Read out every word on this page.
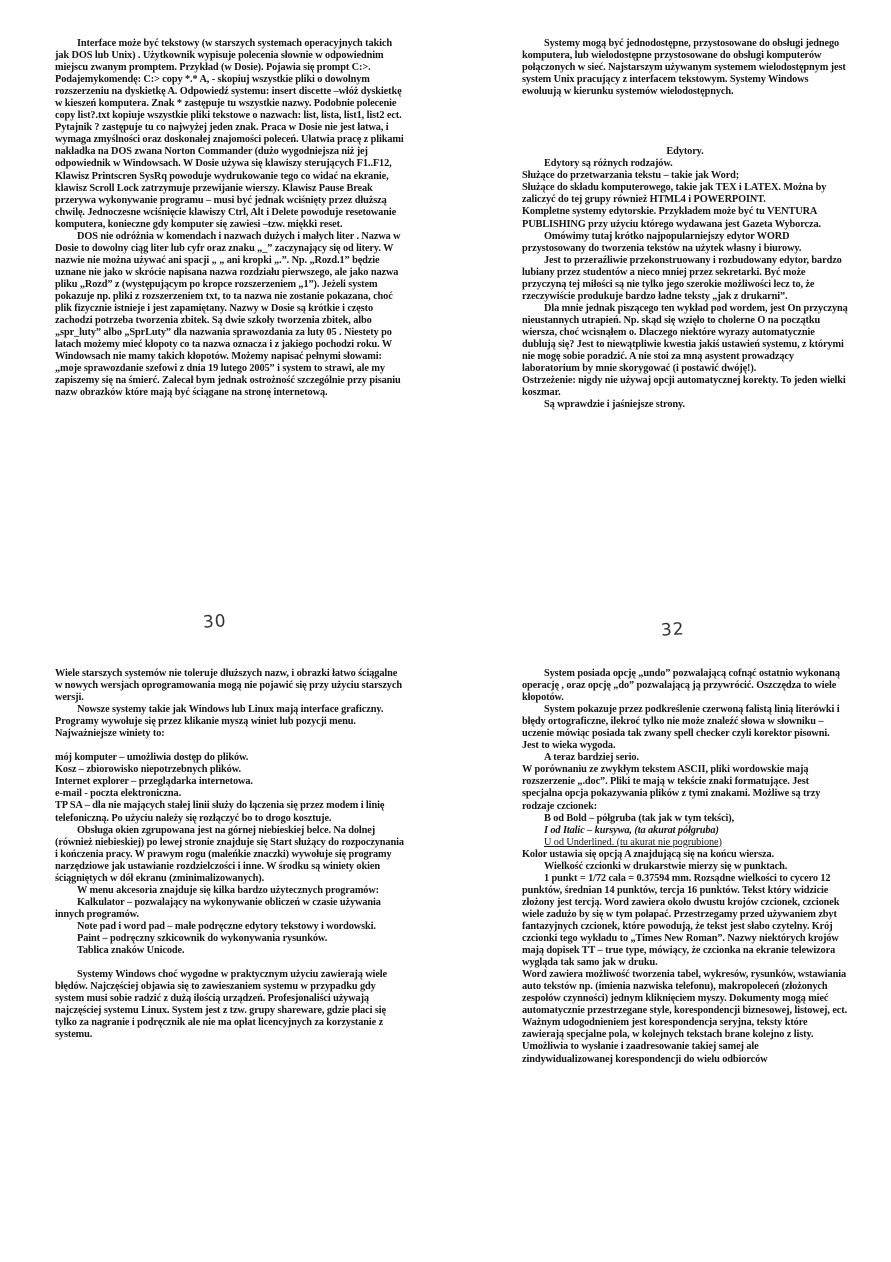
Interface może być tekstowy (w starszych systemach operacyjnych takich jak DOS lub Unix) . Użytkownik wypisuje polecenia słownie w odpowiednim miejscu zwanym promptem. Przykład (w Dosie). Pojawia się prompt C:>. Podajemykomendę: C:> copy *.* A, - skopiuj wszystkie pliki o dowolnym rozszerzeniu na dyskietkę A. Odpowiedź systemu: insert discette –włóż dyskietkę w kieszeń komputera. Znak * zastępuje tu wszystkie nazwy. Podobnie polecenie copy list?.txt kopiuje wszystkie pliki tekstowe o nazwach: list, lista, list1, list2 ect. Pytajnik ? zastępuje tu co najwyżej jeden znak. Praca w Dosie nie jest łatwa, i wymaga zmyślności oraz doskonałej znajomości poleceń. Ułatwia pracę z plikami nakładka na DOS zwana Norton Commander (dużo wygodniejsza niż jej odpowiednik w Windowsach. W Dosie używa się klawiszy sterujących F1..F12, Klawisz Printscren SysRq powoduje wydrukowanie tego co widać na ekranie, klawisz Scroll Lock zatrzymuje przewijanie wierszy. Klawisz Pause Break przerywa wykonywanie programu – musi być jednak wciśnięty przez dłuższą chwilę. Jednoczesne wciśnięcie klawiszy Ctrl, Alt i Delete powoduje resetowanie komputera, konieczne gdy komputer się zawiesi –tzw. miękki reset.

DOS nie odróżnia w komendach i nazwach dużych i małych liter . Nazwa w Dosie to dowolny ciąg liter lub cyfr oraz znaku „_” zaczynający się od litery. W nazwie nie można używać ani spacji „ „ ani kropki „.”. Np. „Rozd.1” będzie uznane nie jako w skrócie napisana nazwa rozdziału pierwszego, ale jako nazwa pliku „Rozd” z (występującym po kropce rozszerzeniem „1”). Jeżeli system pokazuje np. pliki z rozszerzeniem txt, to ta nazwa nie zostanie pokazana, choć plik fizycznie istnieje i jest zapamiętany. Nazwy w Dosie są krótkie i często zachodzi potrzeba tworzenia zbitek. Są dwie szkoły tworzenia zbitek, albo „spr_luty” albo „SprLuty” dla nazwania sprawozdania za luty 05 . Niestety po latach możemy mieć kłopoty co ta nazwa oznacza i z jakiego pochodzi roku. W Windowsach nie mamy takich kłopotów. Możemy napisać pełnymi słowami: „moje sprawozdanie szefowi z dnia 19 lutego 2005” i system to strawi, ale my zapiszemy się na śmierć. Zalecał bym jednak ostrożność szczególnie przy pisaniu nazw obrazków które mają być ściągane na stronę internetową.

Systemy mogą być jednodostępne, przystosowane do obsługi jednego komputera, lub wielodostępne przystosowane do obsługi komputerów połączonych w sieć. Najstarszym używanym systemem wielodostępnym jest system Unix pracujący z interfacem tekstowym. Systemy Windows ewoluują w kierunku systemów wielodostępnych.

Edytory.

Edytory są różnych rodzajów.

Służące do przetwarzania tekstu – takie jak Word;

Służące do składu komputerowego, takie jak TEX i LATEX. Można by zaliczyć do tej grupy również HTML4 i POWERPOINT.

Kompletne systemy edytorskie. Przykładem może być tu VENTURA PUBLISHING przy użyciu którego wydawana jest Gazeta Wyborcza.

Omówimy tutaj krótko najpopularniejszy edytor WORD przystosowany do tworzenia tekstów na użytek własny i biurowy.

Jest to przeraźliwie przekonstruowany i rozbudowany edytor, bardzo lubiany przez studentów a nieco mniej przez sekretarki. Być może przyczyną tej miłości są nie tylko jego szerokie możliwości lecz to, że rzeczywiście produkuje bardzo ładne teksty „jak z drukarni”.

Dla mnie jednak piszącego ten wykład pod wordem, jest On przyczyną nieustannych utrapień. Np. skąd się wzięło to cholerne O na początku wiersza, choć wcisnąłem o. Dlaczego niektóre wyrazy automatycznie dublują się? Jest to niewątpliwie kwestia jakiś ustawień systemu, z którymi nie mogę sobie poradzić. A nie stoi za mną asystent prowadzący laboratorium by mnie skorygować (i postawić dwóję!).

Ostrzeżenie: nigdy nie używaj opcji automatycznej korekty. To jeden wielki koszmar.

Są wprawdzie i jaśniejsze strony.

30	32

Wiele starszych systemów nie toleruje dłuższych nazw, i obrazki łatwo ściągalne w nowych wersjach oprogramowania mogą nie pojawić się przy użyciu starszych wersji.

Nowsze systemy takie jak Windows lub Linux mają interface graficzny. Programy wywołuje się przez klikanie myszą winiet lub pozycji menu. Najważniejsze winiety to:

mój komputer – umożliwia dostęp do plików.

Kosz – zbiorowisko niepotrzebnych plików.

Internet explorer – przeglądarka internetowa.

e-mail - poczta elektroniczna.

TP SA – dla nie mających stałej linii służy do łączenia się przez modem i linię telefoniczną. Po użyciu należy się rozłączyć bo to drogo kosztuje.

Obsługa okien zgrupowana jest na górnej niebieskiej belce. Na dolnej (również niebieskiej) po lewej stronie znajduje się Start służący do rozpoczynania i kończenia pracy. W prawym rogu (maleńkie znaczki) wywołuje się programy narzędziowe jak ustawianie rozdzielczości i inne. W środku są winiety okien ściągniętych w dół ekranu (zminimalizowanych).

W menu akcesoria znajduje się kilka bardzo użytecznych programów:

Kalkulator – pozwalający na wykonywanie obliczeń w czasie używania innych programów.

Note pad i word pad – małe podręczne edytory tekstowy i wordowski.

Paint – podręczny szkicownik do wykonywania rysunków.

Tablica znaków Unicode.

Systemy Windows choć wygodne w praktycznym użyciu zawierają wiele błędów. Najczęściej objawia się to zawieszaniem systemu w przypadku gdy system musi sobie radzić z dużą ilością urządzeń. Profesjonaliści używają najczęściej systemu Linux. System jest z tzw. grupy shareware, gdzie płaci się tylko za nagranie i podręcznik ale nie ma opłat licencyjnych za korzystanie z systemu.

System posiada opcję „undo” pozwalającą cofnąć ostatnio wykonaną operację , oraz opcję „do” pozwalającą ją przywrócić. Oszczędza to wiele kłopotów.

System pokazuje przez podkreślenie czerwoną falistą linią literówki i błędy ortograficzne, ilekroć tylko nie może znaleźć słowa w słowniku – uczenie mówiąc posiada tak zwany spell checker czyli korektor pisowni. Jest to wieka wygoda.

A teraz bardziej serio.

W porównaniu ze zwykłym tekstem ASCII, pliki wordowskie mają rozszerzenie „.doc”. Pliki te mają w tekście znaki formatujące. Jest specjalna opcja pokazywania plików z tymi znakami. Możliwe są trzy rodzaje czcionek:

B od Bold – półgruba (tak jak w tym tekści),

I od Italic – kursywa, (ta akurat półgruba)

U od Underlined. (tu akurat nie pogrubione)

Kolor ustawia się opcją A znajdującą się na końcu wiersza.

Wielkość czcionki w drukarstwie mierzy się w punktach.

1 punkt = 1/72 cala = 0.37594 mm. Rozsądne wielkości to cycero 12 punktów, średnian 14 punktów, tercja 16 punktów. Tekst który widzicie złożony jest tercją. Word zawiera około dwustu krojów czcionek, czcionek wiele zadużo by się w tym połapać. Przestrzegamy przed używaniem zbyt fantazyjnych czcionek, które powodują, że tekst jest słabo czytelny. Krój czcionki tego wykładu to „Times New Roman”. Nazwy niektórych krojów mają dopisek TT – true type, mówiący, że czcionka na ekranie telewizora wygląda tak samo jak w druku.

Word zawiera możliwość tworzenia tabel, wykresów, rysunków, wstawiania auto tekstów np. (imienia nazwiska telefonu), makropoleceń (złożonych zespołów czynności) jednym kliknięciem myszy. Dokumenty mogą mieć automatycznie przestrzegane style, korespondencji biznesowej, listowej, ect. Ważnym udogodnieniem jest korespondencja seryjna, teksty które zawierają specjalne pola, w kolejnych tekstach brane kolejno z listy. Umożliwia to wysłanie i zaadresowanie takiej samej ale zindywidualizowanej korespondencji do wielu odbiorców
